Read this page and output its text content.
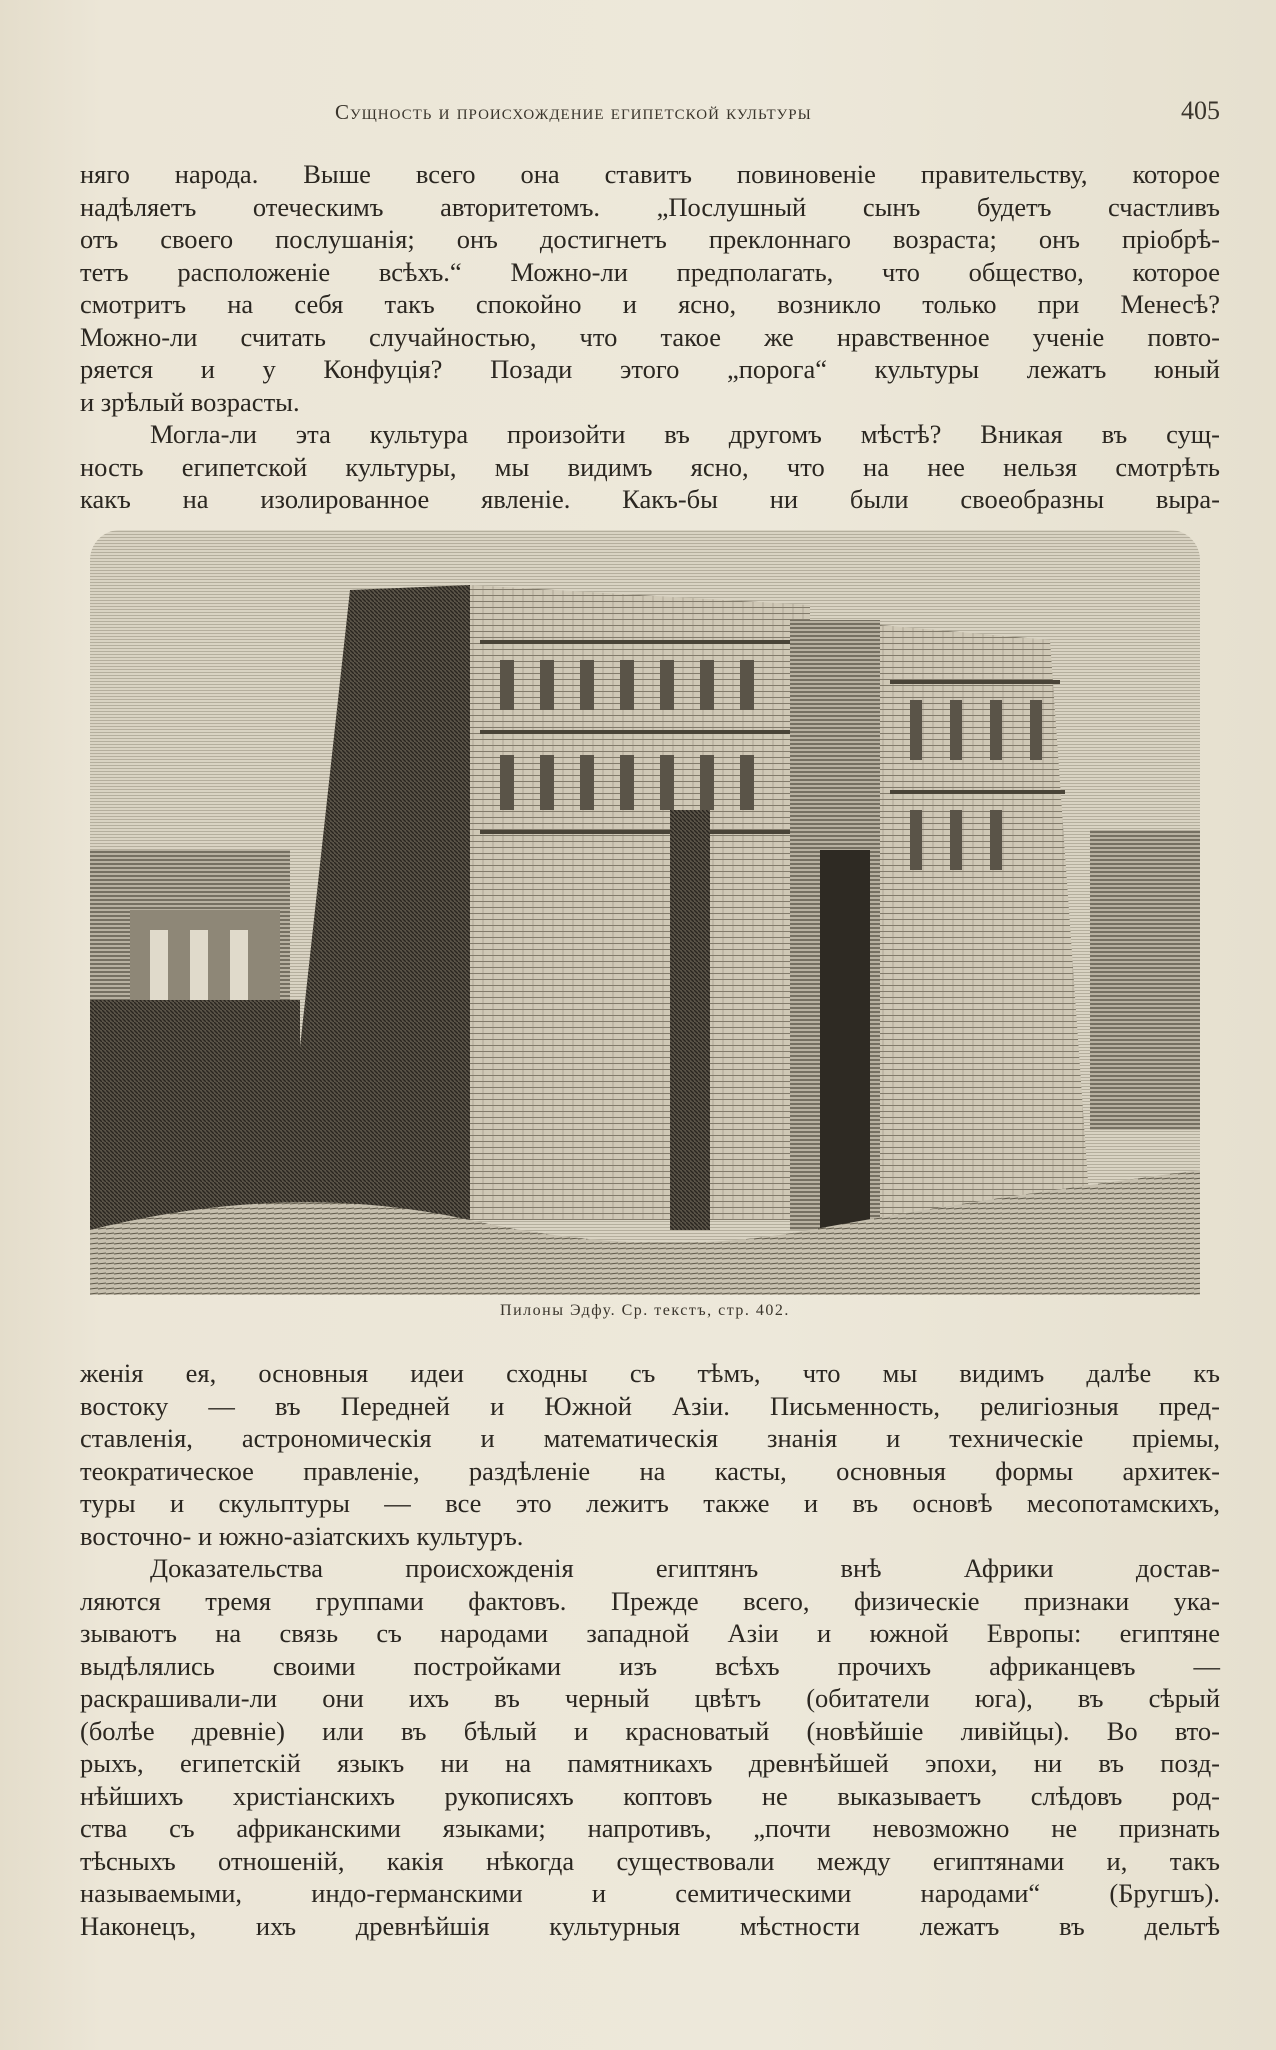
Сущность и происхождение египетской культуры	405
няго народа. Выше всего она ставитъ повиновенiе правительству, которое
надѣляетъ отеческимъ авторитетомъ. „Послушный сынъ будетъ счастливъ
отъ своего послушанiя; онъ достигнетъ преклоннаго возраста; онъ прiобрѣ-
тетъ расположенiе всѣхъ.“ Можно-ли предполагать, что общество, которое
смотритъ на себя такъ спокойно и ясно, возникло только при Менесѣ?
Можно-ли считать случайностью, что такое же нравственное ученiе повто-
ряется и у Конфуцiя? Позади этого „порога“ культуры лежатъ юный
и зрѣлый возрасты.
Могла-ли эта культура произойти въ другомъ мѣстѣ? Вникая въ сущ-
ность египетской культуры, мы видимъ ясно, что на нее нельзя смотрѣть
какъ на изолированное явленiе. Какъ-бы ни были своеобразны выра-
Пилоны Эдфу. Ср. текстъ, стр. 402.
женiя ея, основныя идеи сходны съ тѣмъ, что мы видимъ далѣе къ
востоку — въ Передней и Южной Азiи. Письменность, религiозныя пред-
ставленiя, астрономическiя и математическiя знанiя и техническiе прiемы,
теократическое правленiе, раздѣленiе на касты, основныя формы архитек-
туры и скульптуры — все это лежитъ также и въ основѣ месопотамскихъ,
восточно- и южно-азiатскихъ культуръ.
Доказательства происхожденiя египтянъ внѣ Африки достав-
ляются тремя группами фактовъ. Прежде всего, физическiе признаки ука-
зываютъ на связь съ народами западной Азiи и южной Европы: египтяне
выдѣлялись своими постройками изъ всѣхъ прочихъ африканцевъ —
раскрашивали-ли они ихъ въ черный цвѣтъ (обитатели юга), въ сѣрый
(болѣе древнiе) или въ бѣлый и красноватый (новѣйшiе ливiйцы). Во вто-
рыхъ, египетскiй языкъ ни на памятникахъ древнѣйшей эпохи, ни въ позд-
нѣйшихъ христiанскихъ рукописяхъ коптовъ не выказываетъ слѣдовъ род-
ства съ африканскими языками; напротивъ, „почти невозможно не признать
тѣсныхъ отношенiй, какiя нѣкогда существовали между египтянами и, такъ
называемыми, индо-германскими и семитическими народами“ (Бругшъ).
Наконецъ, ихъ древнѣйшiя культурныя мѣстности лежатъ въ дельтѣ
